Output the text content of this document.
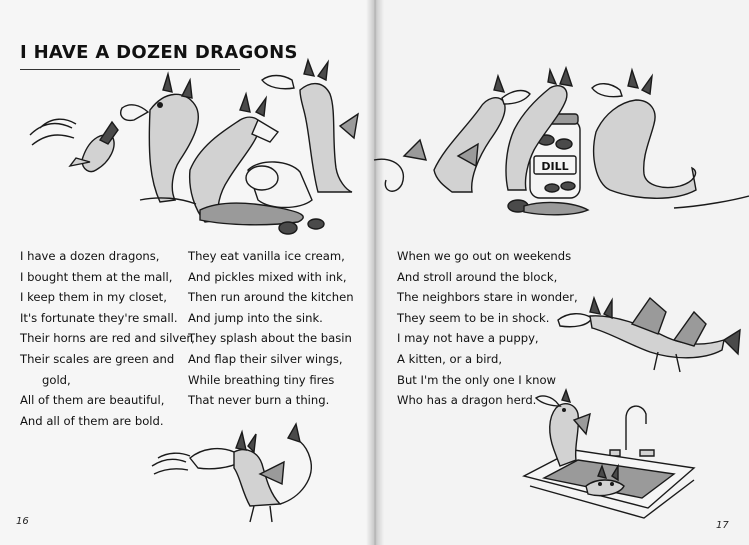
I HAVE A DOZEN DRAGONS
I have a dozen dragons,
I bought them at the mall,
I keep them in my closet,
It's fortunate they're small.
Their horns are red and silver,
Their scales are green and
gold,
All of them are beautiful,
And all of them are bold.
They eat vanilla ice cream,
And pickles mixed with ink,
Then run around the kitchen
And jump into the sink.
They splash about the basin
And flap their silver wings,
While breathing tiny fires
That never burn a thing.
16
DILL
When we go out on weekends
And stroll around the block,
The neighbors stare in wonder,
They seem to be in shock.
I may not have a puppy,
A kitten, or a bird,
But I'm the only one I know
Who has a dragon herd.
17
